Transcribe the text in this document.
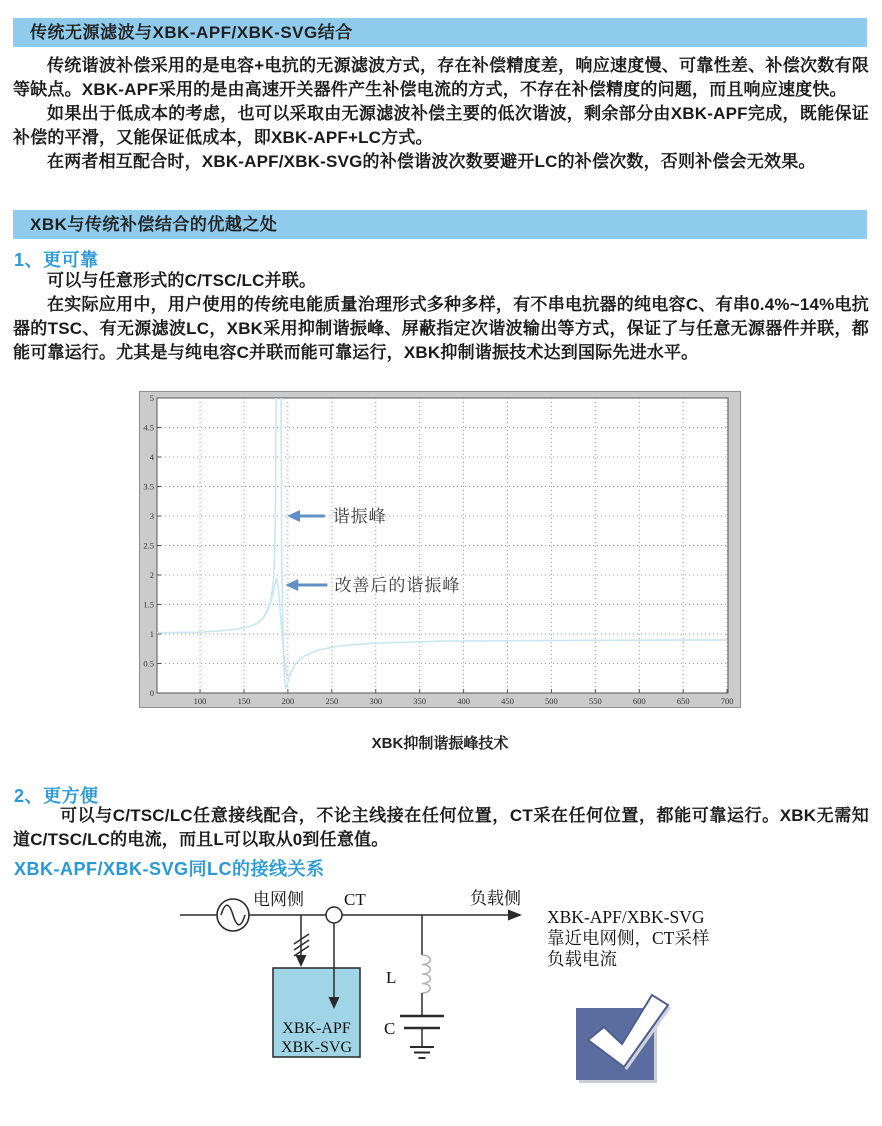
传统无源滤波与XBK-APF/XBK-SVG结合

传统谐波补偿采用的是电容+电抗的无源滤波方式，存在补偿精度差，响应速度慢、可靠性差、补偿次数有限等缺点。XBK-APF采用的是由高速开关器件产生补偿电流的方式，不存在补偿精度的问题，而且响应速度快。

如果出于低成本的考虑，也可以采取由无源滤波补偿主要的低次谐波，剩余部分由XBK-APF完成，既能保证补偿的平滑，又能保证低成本，即XBK-APF+LC方式。

在两者相互配合时，XBK-APF/XBK-SVG的补偿谐波次数要避开LC的补偿次数，否则补偿会无效果。

XBK与传统补偿结合的优越之处
1、更可靠

可以与任意形式的C/TSC/LC并联。

在实际应用中，用户使用的传统电能质量治理形式多种多样，有不串电抗器的纯电容C、有串0.4%~14%电抗器的TSC、有无源滤波LC，XBK采用抑制谐振峰、屏蔽指定次谐波输出等方式，保证了与任意无源器件并联，都能可靠运行。尤其是与纯电容C并联而能可靠运行，XBK抑制谐振技术达到国际先进水平。

100	150	200	250	300	350	400	450	500	550	600	650	700
0
0.5
1
1.5
2
2.5
3
3.5
4
4.5
5
谐振峰
改善后的谐振峰
XBK抑制谐振峰技术
2、更方便

可以与C/TSC/LC任意接线配合，不论主线接在任何位置，CT采在任何位置，都能可靠运行。XBK无需知道C/TSC/LC的电流，而且L可以取从0到任意值。

XBK-APF/XBK-SVG同LC的接线关系
XBK-APF
XBK-SVG
电网侧 CT	负载侧
L
C
XBK-APF/XBK-SVG
靠近电网侧，CT采样
负载电流
